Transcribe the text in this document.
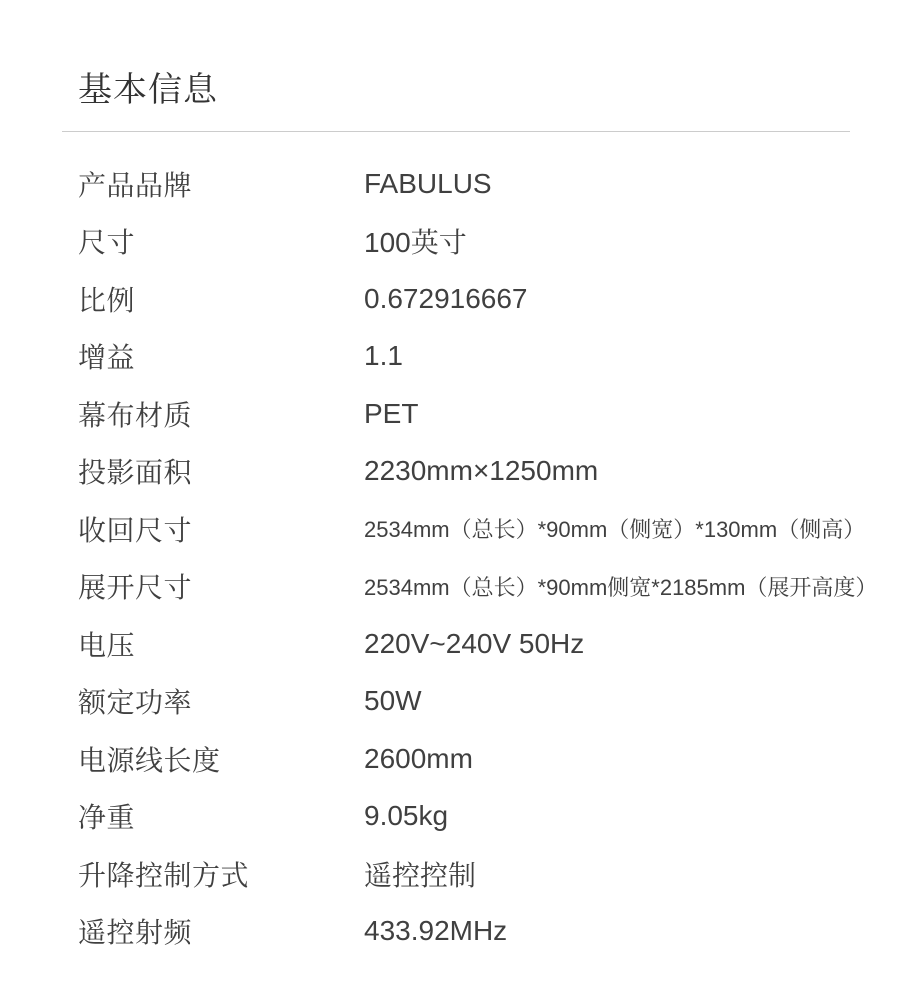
基本信息
产品品牌	FABULUS
尺寸	100英寸
比例	0.672916667
增益	1.1
幕布材质	PET
投影面积	2230mm×1250mm
收回尺寸	2534mm（总长）*90mm（侧宽）*130mm（侧高）
展开尺寸	2534mm（总长）*90mm侧宽*2185mm（展开高度）
电压	220V~240V 50Hz
额定功率	50W
电源线长度	2600mm
净重	9.05kg
升降控制方式	遥控控制
遥控射频	433.92MHz
